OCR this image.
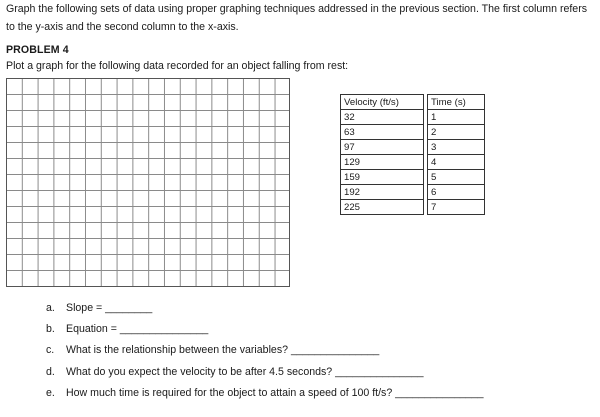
Graph the following sets of data using proper graphing techniques addressed in the previous section. The first column refers to the y-axis and the second column to the x-axis.
PROBLEM 4
Plot a graph for the following data recorded for an object falling from rest:
Velocity (ft/s)		Time (s)
32		1
63		2
97		3
129		4
159		5
192		6
225		7
a. Slope = ________
b. Equation = _______________
c. What is the relationship between the variables? _______________
d. What do you expect the velocity to be after 4.5 seconds? _______________
e. How much time is required for the object to attain a speed of 100 ft/s? _______________
